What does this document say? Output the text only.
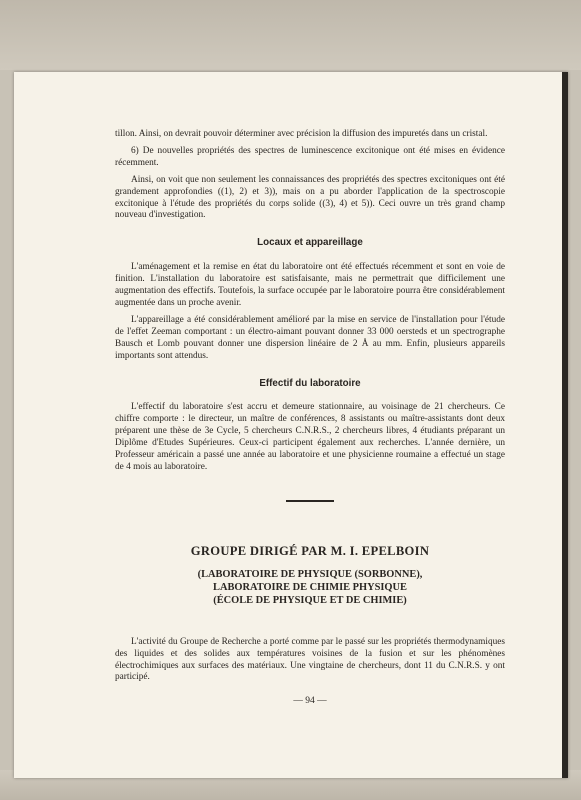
tillon. Ainsi, on devrait pouvoir déterminer avec précision la diffusion des impuretés dans un cristal.

6) De nouvelles propriétés des spectres de luminescence excitonique ont été mises en évidence récemment.

Ainsi, on voit que non seulement les connaissances des propriétés des spectres excitoniques ont été grandement approfondies ((1), 2) et 3)), mais on a pu aborder l'application de la spectroscopie excitonique à l'étude des propriétés du corps solide ((3), 4) et 5)). Ceci ouvre un très grand champ nouveau d'investigation.

Locaux et appareillage

L'aménagement et la remise en état du laboratoire ont été effectués récemment et sont en voie de finition. L'installation du laboratoire est satisfaisante, mais ne permettrait que difficilement une augmentation des effectifs. Toutefois, la surface occupée par le laboratoire pourra être considérablement augmentée dans un proche avenir.

L'appareillage a été considérablement amélioré par la mise en service de l'installation pour l'étude de l'effet Zeeman comportant : un électro-aimant pouvant donner 33 000 oersteds et un spectrographe Bausch et Lomb pouvant donner une dispersion linéaire de 2 Å au mm. Enfin, plusieurs appareils importants sont attendus.

Effectif du laboratoire

L'effectif du laboratoire s'est accru et demeure stationnaire, au voisinage de 21 chercheurs. Ce chiffre comporte : le directeur, un maître de conférences, 8 assistants ou maître-assistants dont deux préparent une thèse de 3e Cycle, 5 chercheurs C.N.R.S., 2 chercheurs libres, 4 étudiants préparant un Diplôme d'Etudes Supérieures. Ceux-ci participent également aux recherches. L'année dernière, un Professeur américain a passé une année au laboratoire et une physicienne roumaine a effectué un stage de 4 mois au laboratoire.

GROUPE DIRIGÉ PAR M. I. EPELBOIN

(LABORATOIRE DE PHYSIQUE (SORBONNE),

LABORATOIRE DE CHIMIE PHYSIQUE

(ÉCOLE DE PHYSIQUE ET DE CHIMIE)

L'activité du Groupe de Recherche a porté comme par le passé sur les propriétés thermodynamiques des liquides et des solides aux températures voisines de la fusion et sur les phénomènes électrochimiques aux surfaces des matériaux. Une vingtaine de chercheurs, dont 11 du C.N.R.S. y ont participé.

— 94 —
